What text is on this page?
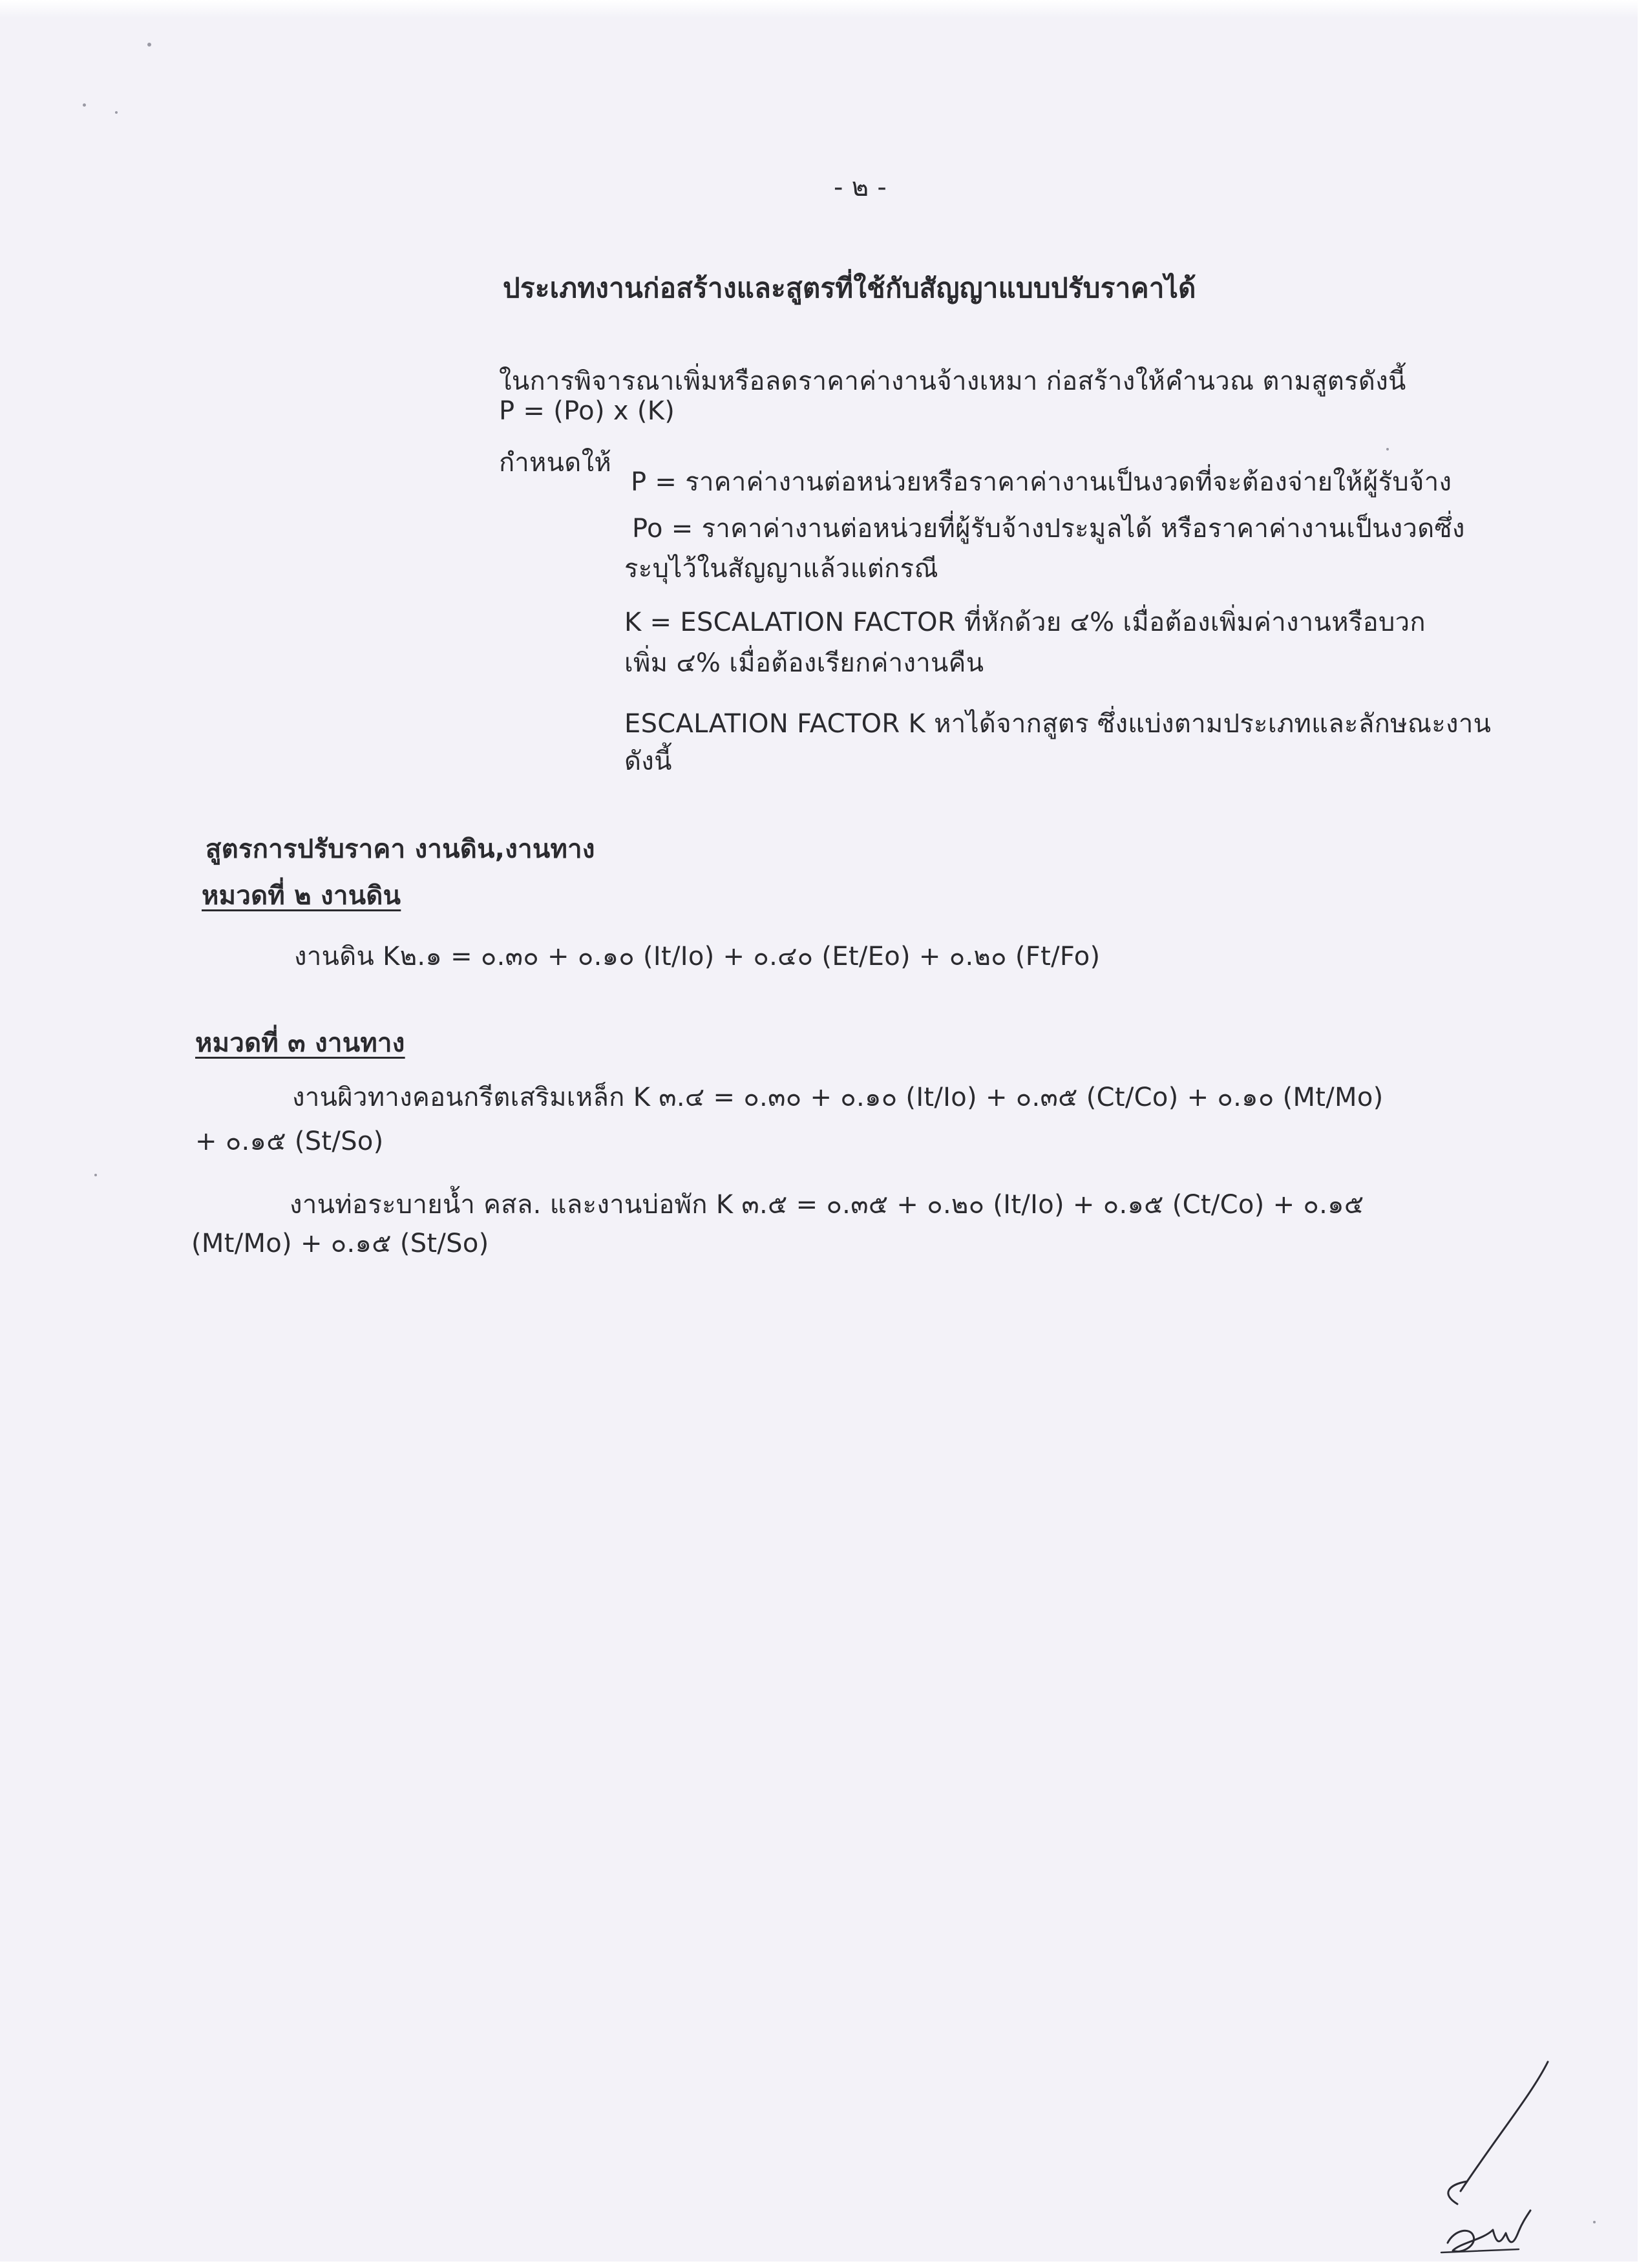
- ๒ -
ประเภทงานก่อสร้างและสูตรที่ใช้กับสัญญาแบบปรับราคาได้
ในการพิจารณาเพิ่มหรือลดราคาค่างานจ้างเหมา ก่อสร้างให้คำนวณ ตามสูตรดังนี้
P = (Po) x (K)
กำหนดให้
P = ราคาค่างานต่อหน่วยหรือราคาค่างานเป็นงวดที่จะต้องจ่ายให้ผู้รับจ้าง
Po = ราคาค่างานต่อหน่วยที่ผู้รับจ้างประมูลได้ หรือราคาค่างานเป็นงวดซึ่ง
ระบุไว้ในสัญญาแล้วแต่กรณี
K = ESCALATION FACTOR ที่หักด้วย ๔% เมื่อต้องเพิ่มค่างานหรือบวก
เพิ่ม ๔% เมื่อต้องเรียกค่างานคืน
ESCALATION FACTOR K หาได้จากสูตร ซึ่งแบ่งตามประเภทและลักษณะงาน
ดังนี้
สูตรการปรับราคา งานดิน,งานทาง
หมวดที่ ๒ งานดิน
งานดิน K๒.๑ = ๐.๓๐ + ๐.๑๐ (It/Io) + ๐.๔๐ (Et/Eo) + ๐.๒๐ (Ft/Fo)
หมวดที่ ๓ งานทาง
งานผิวทางคอนกรีตเสริมเหล็ก K ๓.๔ = ๐.๓๐ + ๐.๑๐ (It/Io) + ๐.๓๕ (Ct/Co) + ๐.๑๐ (Mt/Mo)
+ ๐.๑๕ (St/So)
งานท่อระบายน้ำ คสล. และงานบ่อพัก K ๓.๕ = ๐.๓๕ + ๐.๒๐ (It/Io) + ๐.๑๕ (Ct/Co) + ๐.๑๕
(Mt/Mo) + ๐.๑๕ (St/So)
